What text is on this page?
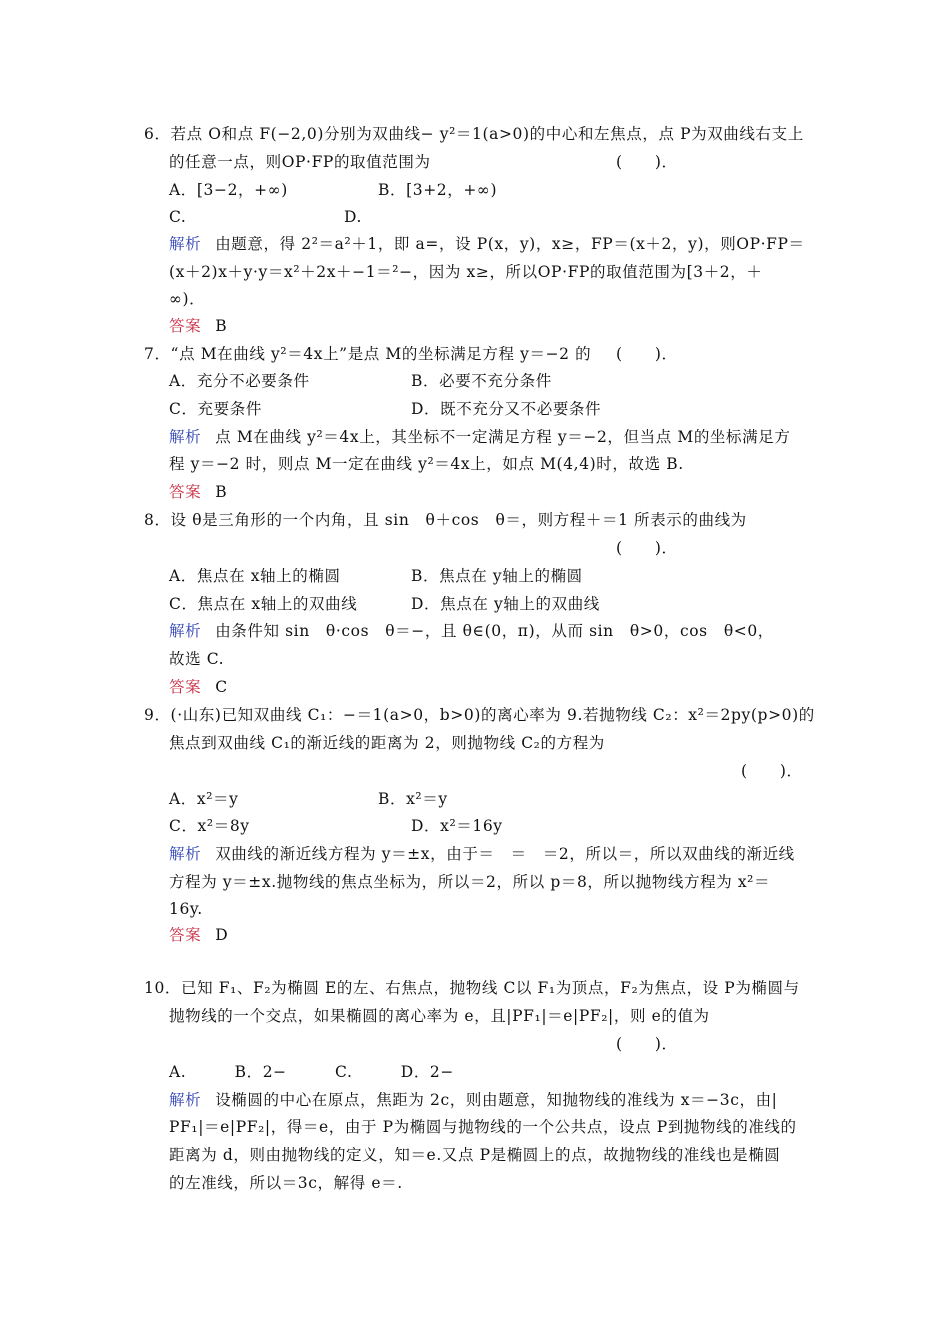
6．若点 O和点 F(−2,0)分别为双曲线− y²＝1(a>0)的中心和左焦点，点 P为双曲线右支上
的任意一点，则OP·FP的取值范围为	(　　)．
A．[3−2，+∞)	B．[3+2，+∞)
C.	D.
解析 由题意，得 2²＝a²＋1，即 a=，设 P(x，y)，x≥，FP＝(x＋2，y)，则OP·FP＝
(x＋2)x＋y·y＝x²＋2x＋−1＝²−，因为 x≥，所以OP·FP的取值范围为[3＋2，＋
∞)．
答案 B
7．“点 M在曲线 y²＝4x上”是点 M的坐标满足方程 y＝−2 的 (　　)．
A．充分不必要条件	B．必要不充分条件
C．充要条件	D．既不充分又不必要条件
解析 点 M在曲线 y²＝4x上，其坐标不一定满足方程 y＝−2，但当点 M的坐标满足方
程 y＝−2 时，则点 M一定在曲线 y²＝4x上，如点 M(4,4)时，故选 B.
答案 B
8．设 θ是三角形的一个内角，且 sin　θ＋cos　θ＝，则方程＋＝1 所表示的曲线为
(　　)．
A．焦点在 x轴上的椭圆	B．焦点在 y轴上的椭圆
C．焦点在 x轴上的双曲线	D．焦点在 y轴上的双曲线
解析 由条件知 sin　θ·cos　θ＝−，且 θ∈(0，π)，从而 sin　θ>0，cos　θ<0，
故选 C.
答案 C
9．(·山东)已知双曲线 C₁：−＝1(a>0，b>0)的离心率为 9.若抛物线 C₂：x²＝2py(p>0)的
焦点到双曲线 C₁的渐近线的距离为 2，则抛物线 C₂的方程为
(　　)．
A．x²＝y	B．x²＝y
C．x²＝8y	D．x²＝16y
解析 双曲线的渐近线方程为 y＝±x，由于＝　＝　＝2，所以＝，所以双曲线的渐近线
方程为 y＝±x.抛物线的焦点坐标为，所以＝2，所以 p＝8，所以抛物线方程为 x²＝
16y.
答案 D
10．已知 F₁、F₂为椭圆 E的左、右焦点，抛物线 C以 F₁为顶点，F₂为焦点，设 P为椭圆与
抛物线的一个交点，如果椭圆的离心率为 e，且|PF₁|＝e|PF₂|，则 e的值为
(　　)．
A.　　　B．2−　　　C.　　　D．2−
解析 设椭圆的中心在原点，焦距为 2c，则由题意，知抛物线的准线为 x＝−3c，由|
PF₁|＝e|PF₂|，得＝e，由于 P为椭圆与抛物线的一个公共点，设点 P到抛物线的准线的
距离为 d，则由抛物线的定义，知＝e.又点 P是椭圆上的点，故抛物线的准线也是椭圆
的左准线，所以＝3c，解得 e＝.
